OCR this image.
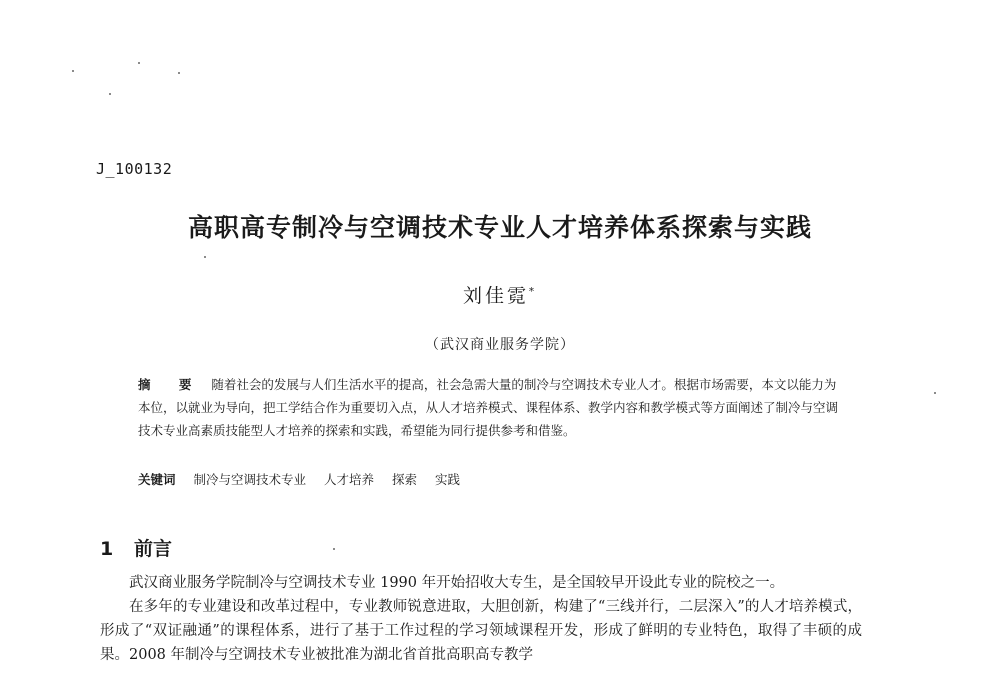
J_100132
高职高专制冷与空调技术专业人才培养体系探索与实践
刘佳霓*
（武汉商业服务学院）
摘 要 随着社会的发展与人们生活水平的提高，社会急需大量的制冷与空调技术专业人才。根据市场需要，本文以能力为本位，以就业为导向，把工学结合作为重要切入点，从人才培养模式、课程体系、教学内容和教学模式等方面阐述了制冷与空调技术专业高素质技能型人才培养的探索和实践，希望能为同行提供参考和借鉴。
关键词 制冷与空调技术专业 人才培养 探索 实践
1 前言

武汉商业服务学院制冷与空调技术专业 1990 年开始招收大专生，是全国较早开设此专业的院校之一。

在多年的专业建设和改革过程中，专业教师锐意进取，大胆创新，构建了“三线并行，二层深入”的人才培养模式，形成了“双证融通”的课程体系，进行了基于工作过程的学习领域课程开发，形成了鲜明的专业特色，取得了丰硕的成果。2008 年制冷与空调技术专业被批准为湖北省首批高职高专教学
